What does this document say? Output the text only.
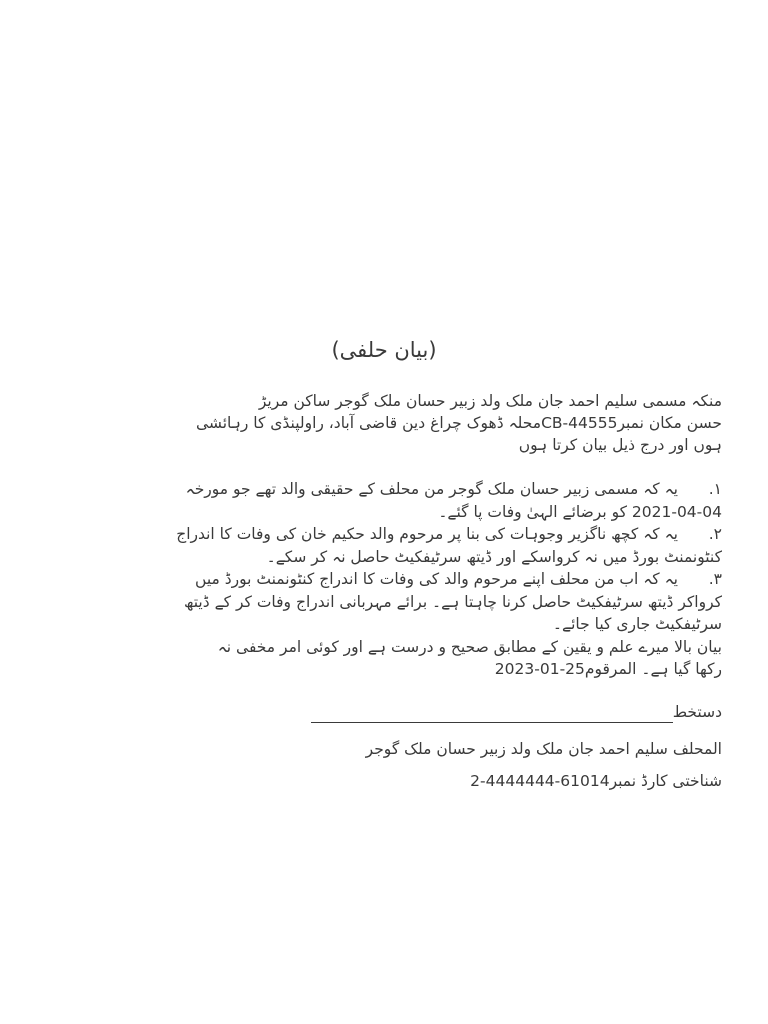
(بیان حلفی)

منکہ مسمی سلیم احمد جان ملک ولد زبیر حسان ملک گوجر ساکن مریڑ

حسن مکان نمبرCB-44555محلہ ڈھوک چراغ دین قاضی آباد، راولپنڈی کا رہائشی

ہوں اور درج ذیل بیان کرتا ہوں

١.یہ کہ مسمی زبیر حسان ملک گوجر من محلف کے حقیقی والد تھے جو مورخہ

2021-04-04 کو برضائے الہیٰ وفات پا گئے۔

٢.یہ کہ کچھ ناگزیر وجوہات کی بنا پر مرحوم والد حکیم خان کی وفات کا اندراج

کنٹونمنٹ بورڈ میں نہ کرواسکے اور ڈیتھ سرٹیفکیٹ حاصل نہ کر سکے۔

٣.یہ کہ اب من محلف اپنے مرحوم والد کی وفات کا اندراج کنٹونمنٹ بورڈ میں

کرواکر ڈیتھ سرٹیفکیٹ حاصل کرنا چاہتا ہے۔ برائے مہربانی اندراج وفات کر کے ڈیتھ

سرٹیفکیٹ جاری کیا جائے۔

بیان بالا میرے علم و یقین کے مطابق صحیح و درست ہے اور کوئی امر مخفی نہ

رکھا گیا ہے۔ المرقوم25-01-2023

دستخط
المحلف سلیم احمد جان ملک ولد زبیر حسان ملک گوجر
شناختی کارڈ نمبر61014-4444444-2
